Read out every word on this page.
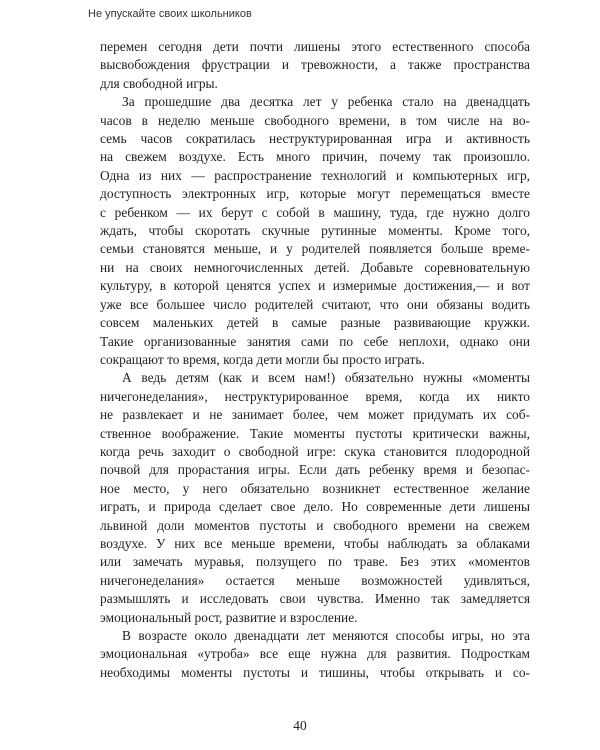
Не упускайте своих школьников
перемен сегодня дети почти лишены этого естественного способа
высвобождения фрустрации и тревожности, а также пространства
для свободной игры.
За прошедшие два десятка лет у ребенка стало на двенадцать
часов в неделю меньше свободного времени, в том числе на во-
семь часов сократилась неструктурированная игра и активность
на свежем воздухе. Есть много причин, почему так произошло.
Одна из них — распространение технологий и компьютерных игр,
доступность электронных игр, которые могут перемещаться вместе
с ребенком — их берут с собой в машину, туда, где нужно долго
ждать, чтобы скоротать скучные рутинные моменты. Кроме того,
семьи становятся меньше, и у родителей появляется больше време-
ни на своих немногочисленных детей. Добавьте соревновательную
культуру, в которой ценятся успех и измеримые достижения,— и вот
уже все большее число родителей считают, что они обязаны водить
совсем маленьких детей в самые разные развивающие кружки.
Такие организованные занятия сами по себе неплохи, однако они
сокращают то время, когда дети могли бы просто играть.
А ведь детям (как и всем нам!) обязательно нужны «моменты
ничегонеделания», неструктурированное время, когда их никто
не развлекает и не занимает более, чем может придумать их соб-
ственное воображение. Такие моменты пустоты критически важны,
когда речь заходит о свободной игре: скука становится плодородной
почвой для прорастания игры. Если дать ребенку время и безопас-
ное место, у него обязательно возникнет естественное желание
играть, и природа сделает свое дело. Но современные дети лишены
львиной доли моментов пустоты и свободного времени на свежем
воздухе. У них все меньше времени, чтобы наблюдать за облаками
или замечать муравья, ползущего по траве. Без этих «моментов
ничегонеделания» остается меньше возможностей удивляться,
размышлять и исследовать свои чувства. Именно так замедляется
эмоциональный рост, развитие и взросление.
В возрасте около двенадцати лет меняются способы игры, но эта
эмоциональная «утроба» все еще нужна для развития. Подросткам
необходимы моменты пустоты и тишины, чтобы открывать и со-
40
